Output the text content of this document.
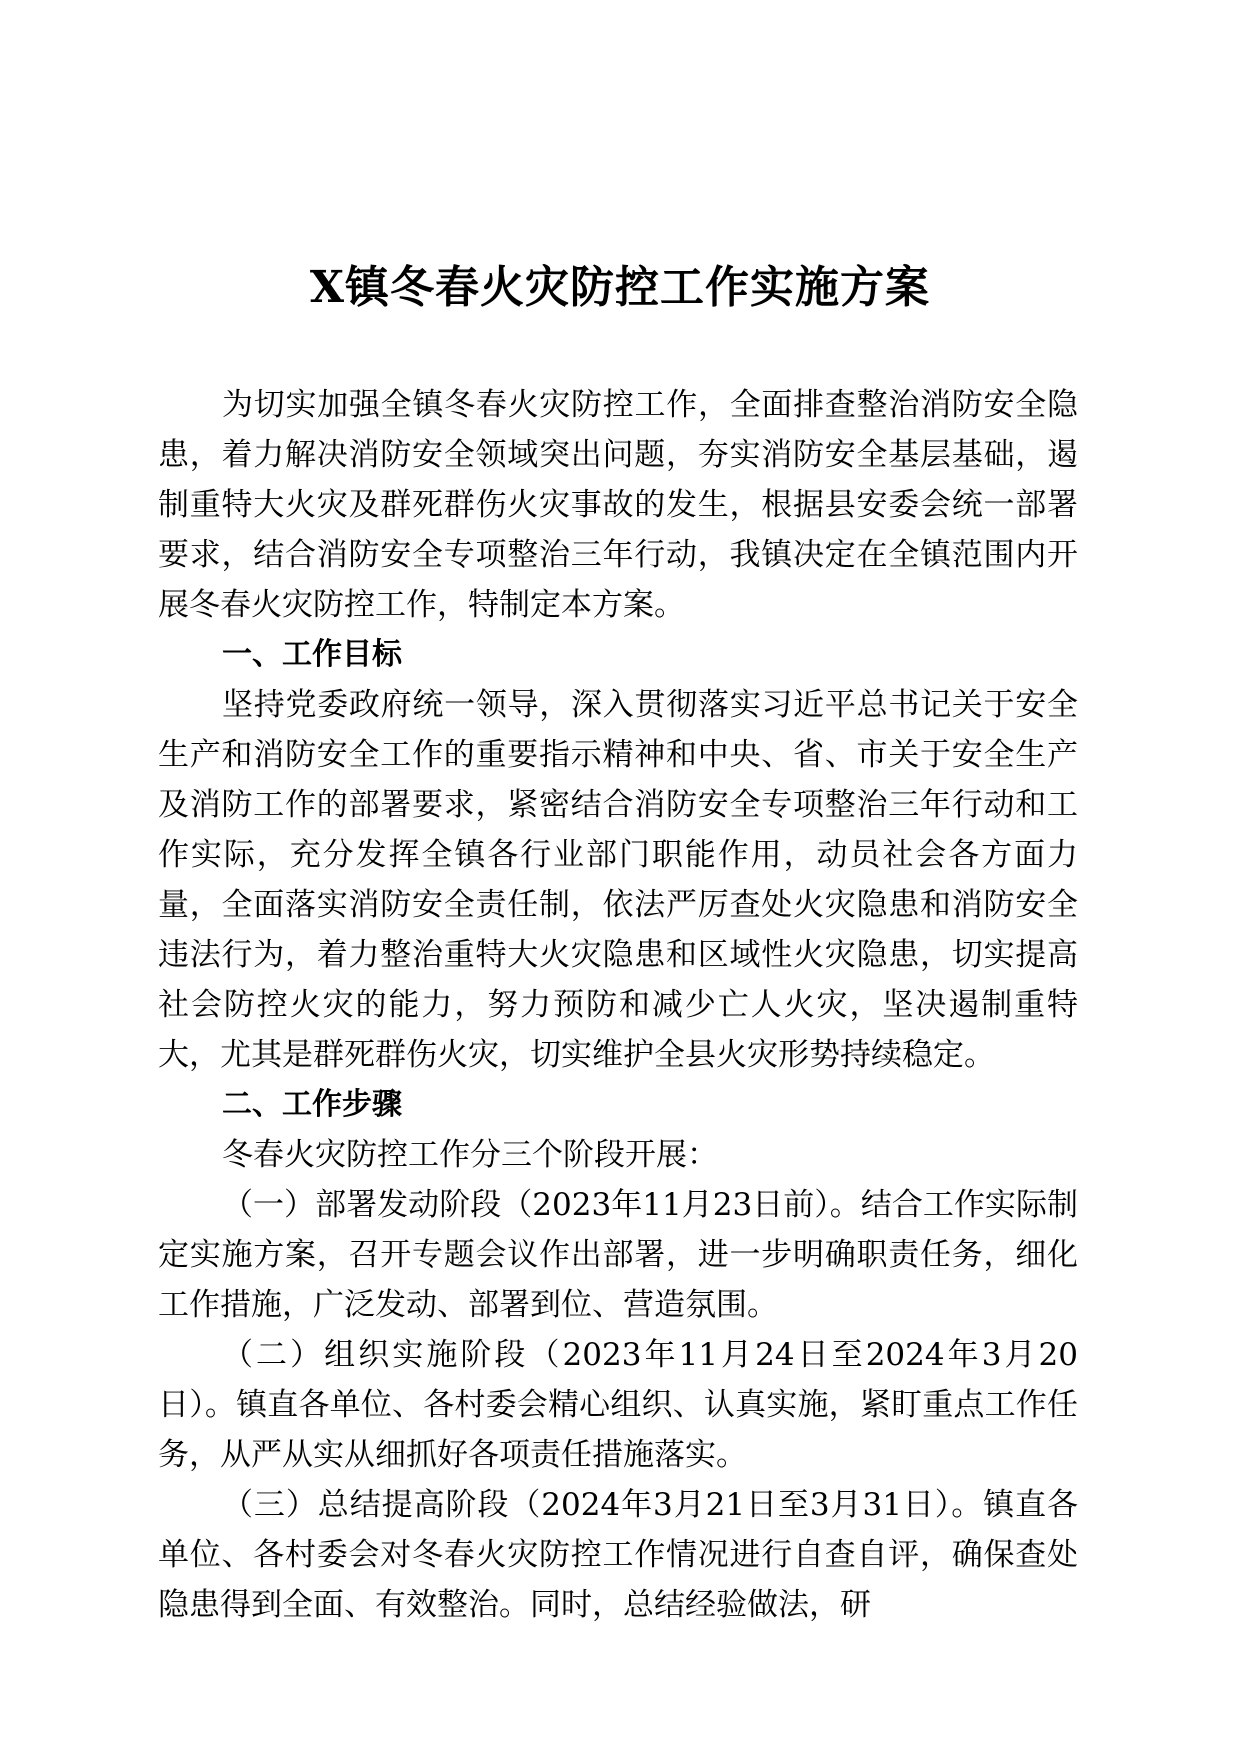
X镇冬春火灾防控工作实施方案

为切实加强全镇冬春火灾防控工作，全面排查整治消防安全隐患，着力解决消防安全领域突出问题，夯实消防安全基层基础，遏制重特大火灾及群死群伤火灾事故的发生，根据县安委会统一部署要求，结合消防安全专项整治三年行动，我镇决定在全镇范围内开展冬春火灾防控工作，特制定本方案。

一、工作目标

坚持党委政府统一领导，深入贯彻落实习近平总书记关于安全生产和消防安全工作的重要指示精神和中央、省、市关于安全生产及消防工作的部署要求，紧密结合消防安全专项整治三年行动和工作实际，充分发挥全镇各行业部门职能作用，动员社会各方面力量，全面落实消防安全责任制，依法严厉查处火灾隐患和消防安全违法行为，着力整治重特大火灾隐患和区域性火灾隐患，切实提高社会防控火灾的能力，努力预防和减少亡人火灾，坚决遏制重特大，尤其是群死群伤火灾，切实维护全县火灾形势持续稳定。

二、工作步骤

冬春火灾防控工作分三个阶段开展：

（一）部署发动阶段（2023年11月23日前）。结合工作实际制定实施方案，召开专题会议作出部署，进一步明确职责任务，细化工作措施，广泛发动、部署到位、营造氛围。

（二）组织实施阶段（2023年11月24日至2024年3月20日）。镇直各单位、各村委会精心组织、认真实施，紧盯重点工作任务，从严从实从细抓好各项责任措施落实。

（三）总结提高阶段（2024年3月21日至3月31日）。镇直各单位、各村委会对冬春火灾防控工作情况进行自查自评，确保查处隐患得到全面、有效整治。同时，总结经验做法，研
